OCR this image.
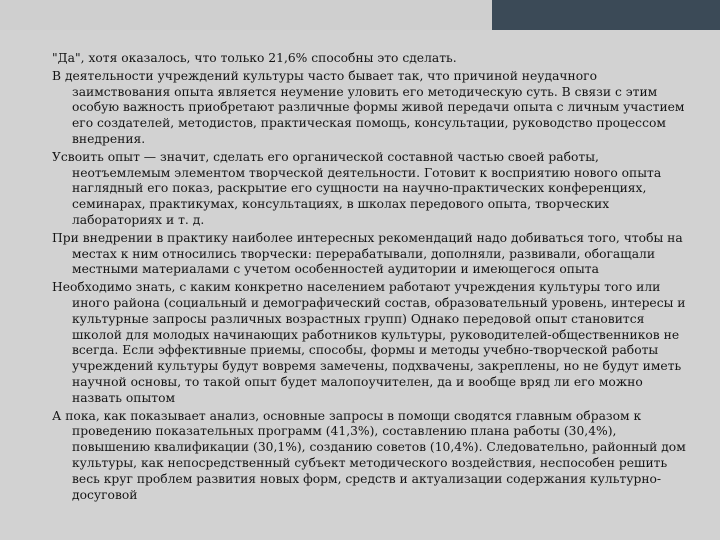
"Да", хотя оказалось, что только 21,6% способны это сделать.

В деятельности учреждений культуры часто бывает так, что причиной неудачного заимствования опыта является неумение уловить его методическую суть. В связи с этим особую важность приобретают различные формы живой передачи опыта с личным участием его создателей, методистов, практическая помощь, консультации, руководство процессом внедрения.

Усвоить опыт — значит, сделать его органической составной частью своей работы, неотъемлемым элементом творческой деятельности. Готовит к восприятию нового опыта наглядный его показ, раскрытие его сущности на научно-практических конференциях, семинарах, практикумах, консультациях, в школах передового опыта, творческих лабораториях и т. д.

При внедрении в практику наиболее интересных рекомендаций надо добиваться того, чтобы на местах к ним относились творчески: перерабатывали, дополняли, развивали, обогащали местными материалами с учетом особенностей аудитории и имеющегося опыта

Необходимо знать, с каким конкретно населением работают учреждения культуры того или иного района (социальный и демографический состав, образовательный уровень, интересы и культурные запросы различных возрастных групп) Однако передовой опыт становится школой для молодых начинающих работников культуры, руководителей-общественников не всегда. Если эффективные приемы, способы, формы и методы учебно-творческой работы учреждений культуры будут вовремя замечены, подхвачены, закреплены, но не будут иметь научной основы, то такой опыт будет малопоучителен, да и вообще вряд ли его можно назвать опытом

А пока, как показывает анализ, основные запросы в помощи сводятся главным образом к проведению показательных программ (41,3%), составлению плана работы (30,4%), повышению квалификации (30,1%), созданию советов (10,4%). Следовательно, районный дом культуры, как непосредственный субъект методического воздействия, неспособен решить весь круг проблем развития новых форм, средств и актуализации содержания культурно-досуговой
